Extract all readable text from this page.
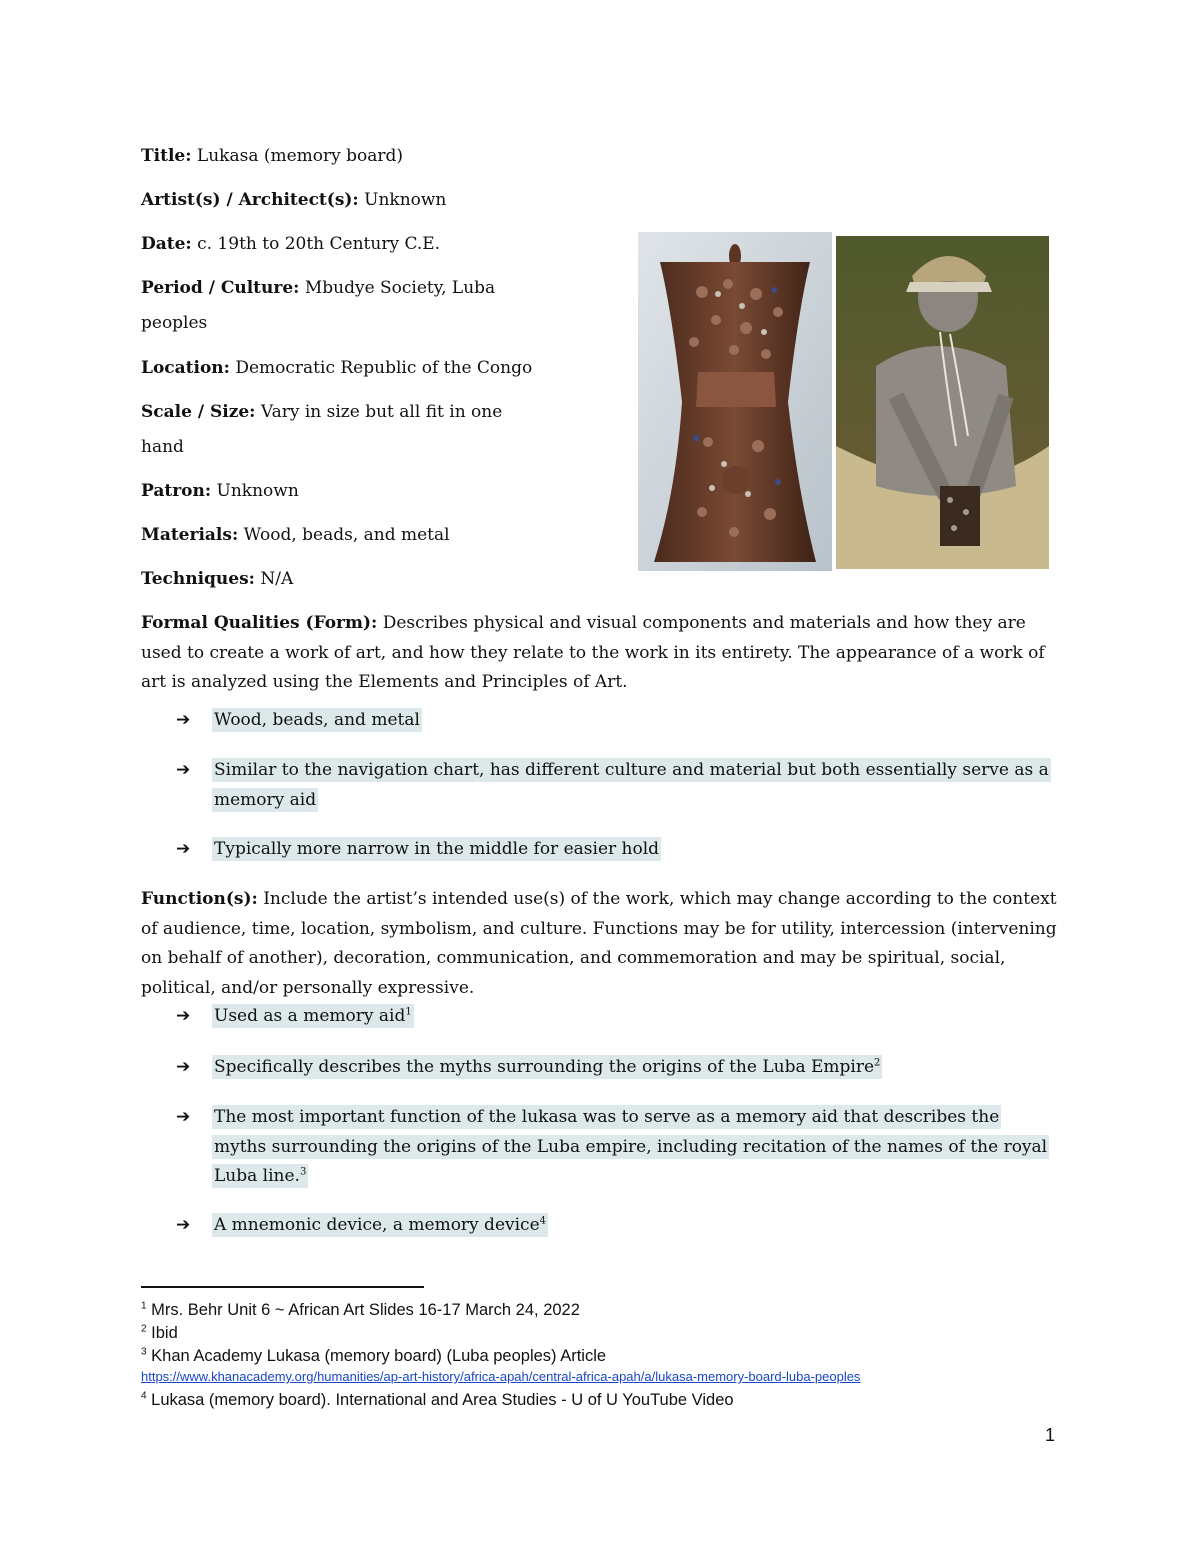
Title: Lukasa (memory board)
Artist(s) / Architect(s): Unknown
Date: c. 19th to 20th Century C.E.
Period / Culture: Mbudye Society, Luba
peoples
Location: Democratic Republic of the Congo
Scale / Size: Vary in size but all fit in one
hand
Patron: Unknown
Materials: Wood, beads, and metal
Techniques: N/A
Formal Qualities (Form): Describes physical and visual components and materials and how they are used to create a work of art, and how they relate to the work in its entirety. The appearance of a work of art is analyzed using the Elements and Principles of Art.
➔ Wood, beads, and metal
➔ Similar to the navigation chart, has different culture and material but both essentially serve as a memory aid
➔ Typically more narrow in the middle for easier hold
Function(s): Include the artist’s intended use(s) of the work, which may change according to the context of audience, time, location, symbolism, and culture. Functions may be for utility, intercession (intervening on behalf of another), decoration, communication, and commemoration and may be spiritual, social, political, and/or personally expressive.
➔ Used as a memory aid$^1$
➔ Specifically describes the myths surrounding the origins of the Luba Empire$^2$
➔ The most important function of the lukasa was to serve as a memory aid that describes the myths surrounding the origins of the Luba empire, including recitation of the names of the royal Luba line.$^3$
➔ A mnemonic device, a memory device$^4$
$^1$ Mrs. Behr Unit 6 ~ African Art Slides 16-17 March 24, 2022
$^2$ Ibid
$^3$ Khan Academy Lukasa (memory board) (Luba peoples) Article
https://www.khanacademy.org/humanities/ap-art-history/africa-apah/central-africa-apah/a/lukasa-memory-board-luba-peoples
$^4$ Lukasa (memory board). International and Area Studies - U of U YouTube Video
1
